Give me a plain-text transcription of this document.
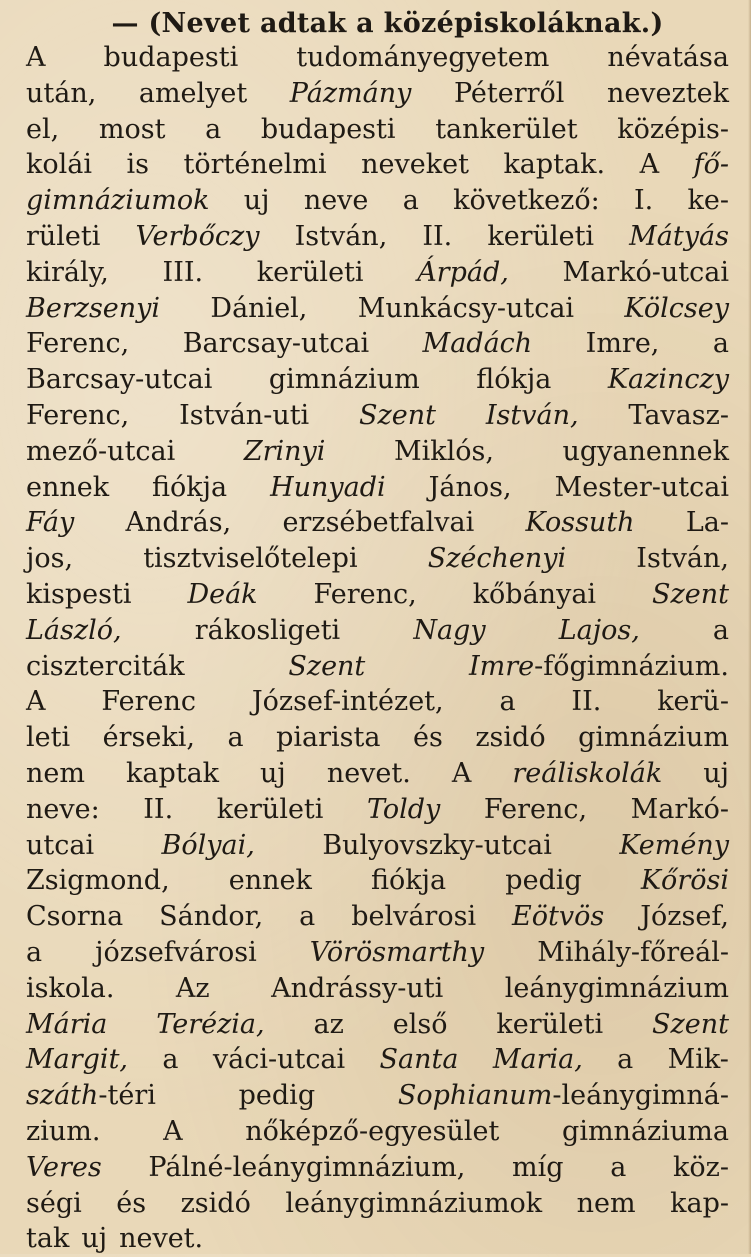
— (Nevet adtak a középiskoláknak.)
A budapesti tudományegyetem névatása
után, amelyet Pázmány Péterről neveztek
el, most a budapesti tankerület középis-
kolái is történelmi neveket kaptak. A fő-
gimnáziumok uj neve a következő: I. ke-
rületi Verbőczy István, II. kerületi Mátyás
király, III. kerületi Árpád, Markó-utcai
Berzsenyi Dániel, Munkácsy-utcai Kölcsey
Ferenc, Barcsay-utcai Madách Imre, a
Barcsay-utcai gimnázium flókja Kazinczy
Ferenc, István-uti Szent István, Tavasz-
mező-utcai	Zrinyi	Miklós,	ugyanennek
ennek fiókja Hunyadi János, Mester-utcai
Fáy András, erzsébetfalvai Kossuth La-
jos,	tisztviselőtelepi	Széchenyi	István,
kispesti Deák Ferenc, kőbányai Szent
László,	rákosligeti	Nagy	Lajos,	a
ciszterciták	Szent	Imre-főgimnázium.
A Ferenc József-intézet, a II. kerü-
leti érseki, a piarista és zsidó gimnázium
nem kaptak uj nevet. A reáliskolák uj
neve: II. kerületi Toldy Ferenc, Markó-
utcai Bólyai, Bulyovszky-utcai Kemény
Zsigmond, ennek fiókja pedig Kőrösi
Csorna Sándor, a belvárosi Eötvös József,
a józsefvárosi Vörösmarthy Mihály-főreál-
iskola. Az Andrássy-uti leánygimnázium
Mária Terézia, az első kerületi Szent
Margit, a váci-utcai Santa Maria, a Mik-
száth-téri	pedig	Sophianum-leánygimná-
zium. A nőképző-egyesület gimnáziuma
Veres Pálné-leánygimnázium, míg a köz-
ségi és zsidó leánygimnáziumok nem kap-
tak uj nevet.
